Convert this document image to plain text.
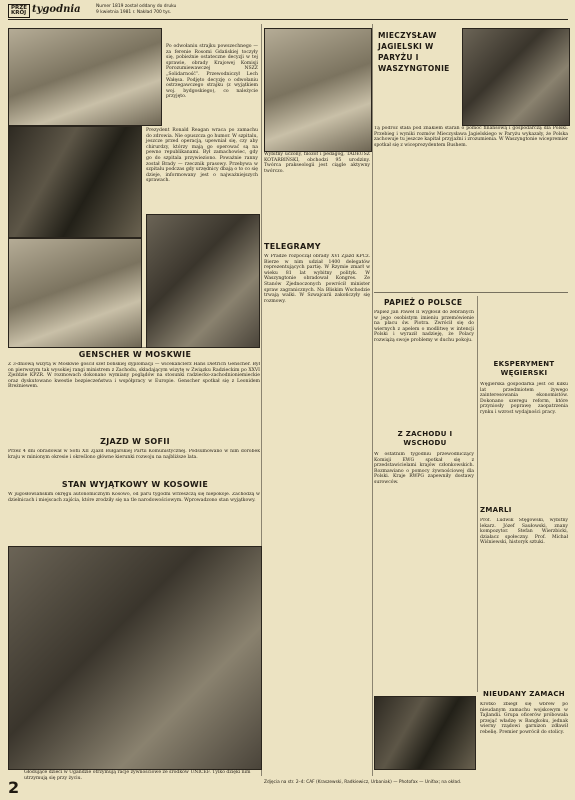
PRZE
KRÓJ tygodnia	Numer 1819 został oddany do druku
9 kwietnia 1981 r. Nakład 700 tys.
Po odwołaniu strajku powszechnego — za ferenie Rosomi Gdańskiej toczyły się, pobieżnie ostateczne decyzji w tej sprawie, obrady Krajowej Komisji Porozumiewawczej NSZZ „Solidarność”. Przewodniczył Lech Wałęsa. Podjęto decyzję o odwołaniu ostrzegawczego strajku (z wyjątkiem woj. bydgoskiego), co należycie przyjęto.
Prezydent Ronald Reagan wraca po zamachu do zdrowia. Nie opuszcza go humor. W szpitalu, jeszcze przed operacją, upewniał się, czy aby chirurdzy, którzy mają go operować są na pewno republikanami. Był zamachowiec, gdy go do szpitala przywieziono. Poważnie ranny został Brady — rzecznik prasowy. Przebywa w szpitalu podczas gdy urzędnicy dbają o to co się dzieje, informowany jest o najważniejszych sprawach.
GENSCHER W MOSKWIE
Z 3-dniową wizytą w Moskwie gościł szef bońskiej dyplomacji — wicekanclerz Hans Dietrich Genscher. Był on pierwszym tak wysokiej rangi ministrem z Zachodu, składającym wizytę w Związku Radzieckim po XXVI Zjeździe KPZR. W rozmowach dokonano wymiany poglądów na stosunki radziecko-zachodnioniemieckie oraz dyskutowano kwestie bezpieczeństwa i współpracy w Europie. Genscher spotkał się z Leonidem Breżniewem.
ZJAZD W SOFII
Przez 4 dni obradował w Sofii XII Zjazd Bułgarskiej Partii Komunistycznej. Podsumowano w nim dorobek kraju w minionym okresie i określono główne kierunki rozwoju na najbliższe lata.
STAN WYJĄTKOWY W KOSOWIE
W jugosłowiańskim okręgu autonomicznym Kosowo, od paru tygodni wrzeszczą się niepokoje. Zachodzą w dzielnicach i miejscach zajścia, które zrodziły się na tle narodowościowym. Wprowadzono stan wyjątkowy.
Głodujące dzieci w Ugandzie otrzymują racje żywnościowe ze środków UNICEF. Tylko dzięki nim utrzymują się przy życiu.
2
Wybitny uczony, filozof i pedagog, TADEUSZ KOTARBIŃSKI, obchodzi 95 urodziny. Twórca prakseologii jest ciągle aktywny twórczo.
TELEGRAMY
W Pradze rozpoczął obrady XVI Zjazd KPCz. Bierze w nim udział 1400 delegatów reprezentujących partię. W Rzymie zmarł w wieku 81 lat wybitny polityk. W Waszyngtonie obradował Kongres. Ze Stanów Zjednoczonych powrócił minister spraw zagranicznych. Na Bliskim Wschodzie trwają walki. W Szwajcarii zakończyły się rozmowy.
MIECZYSŁAW JAGIELSKI W PARYŻU I WASZYNGTONIE
Tą podróż stała pod znakiem starań o pomoc finansową i gospodarczą dla Polski. Przebieg i wyniki rozmów Mieczysława Jagielskiego w Paryżu wykazały, że Polska zachowuje tu jeszcze kapitał przyjaźni i zrozumienia. W Waszyngtonie wicepremier spotkał się z wiceprezydentem Bushem.
PAPIEŻ O POLSCE
Papież Jan Paweł II wygłosił do zebranych w jego osobistym imieniu przemówienie na placu św. Piotra. Zwrócił się do wiernych z apelem o modlitwę w intencji Polski i wyraził nadzieję, że Polacy rozwiążą swoje problemy w duchu pokoju.
Z ZACHODU I WSCHODU
W ostatnim tygodniu przewodniczący Komisji EWG spotkał się z przedstawicielami krajów członkowskich. Rozmawiano o pomocy żywnościowej dla Polski. Kraje RWPG zapewniły dostawy surowców.
EKSPERYMENT WĘGIERSKI
Węgierska gospodarka jest od kilku lat przedmiotem żywego zainteresowania ekonomistów. Dokonano szeregu reform, które przyniosły poprawę zaopatrzenia rynku i wzrost wydajności pracy.
ZMARLI
Prof. Ludwik Stęgowski, wybitny lekarz. Józef Saułowski, znany kompozytor. Stefan Wierzbicki, działacz społeczny. Prof. Michał Wiśniewski, historyk sztuki.
NIEUDANY ZAMACH
Krótko zbiegł się wbrew po nieudanym zamachu wojskowym w Tajlandii. Grupa oficerów próbowała przejąć władzę w Bangkoku, jednak wierny rządowi garnizon zdławił rebelię. Premier powrócił do stolicy.
Zdjęcia na str. 2–4: CAF (Kraszewski, Radkiewicz, Urbaniak) — Photofax — Unifax; na okład.
